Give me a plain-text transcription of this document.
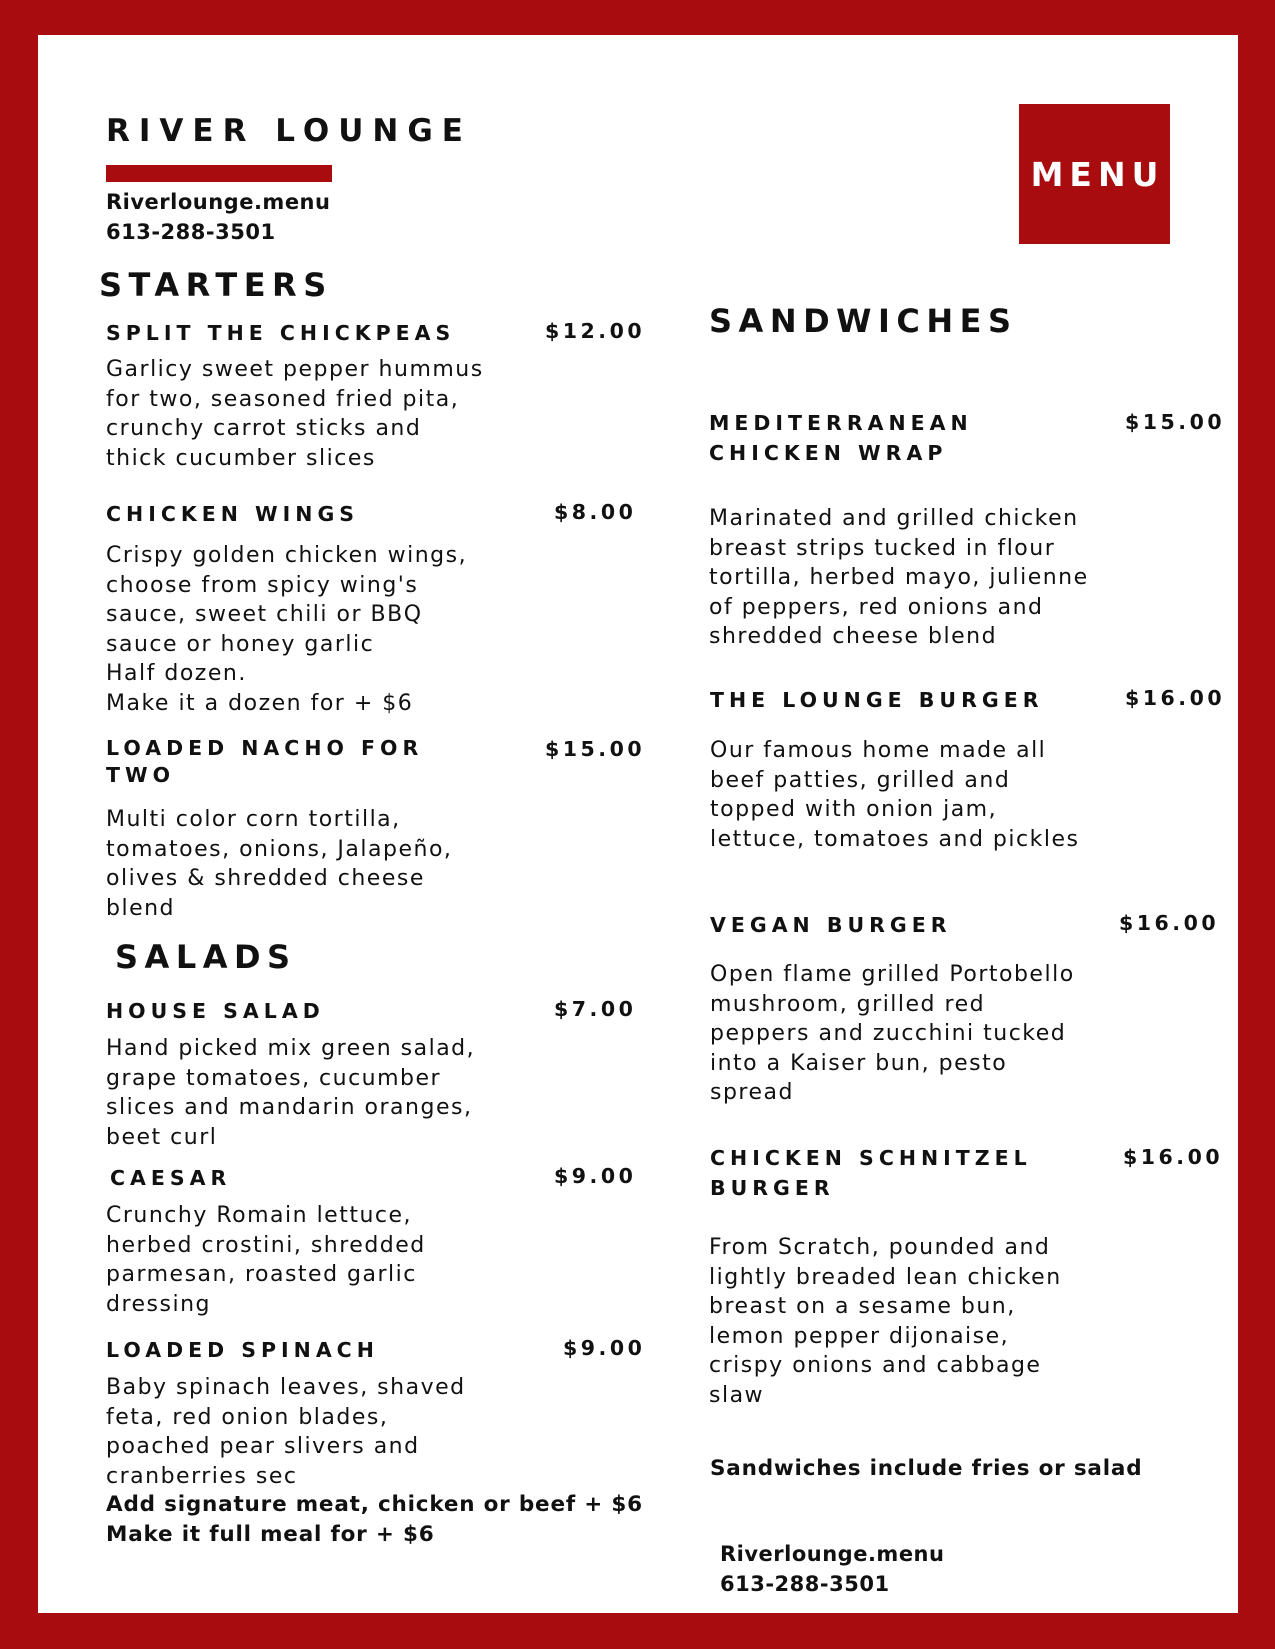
RIVER LOUNGE
Riverlounge.menu
613-288-3501
MENU
STARTERS
SPLIT THE CHICKPEAS	$12.00
Garlicy sweet pepper hummus
for two, seasoned fried pita,
crunchy carrot sticks and
thick cucumber slices
CHICKEN WINGS	$8.00
Crispy golden chicken wings,
choose from spicy wing's
sauce, sweet chili or BBQ
sauce or honey garlic
Half dozen.
Make it a dozen for + $6
LOADED NACHO FOR TWO
$15.00
Multi color corn tortilla,
tomatoes, onions, Jalapeño,
olives & shredded cheese
blend
SALADS
HOUSE SALAD	$7.00
Hand picked mix green salad,
grape tomatoes, cucumber
slices and mandarin oranges,
beet curl
CAESAR	$9.00
Crunchy Romain lettuce,
herbed crostini, shredded
parmesan, roasted garlic
dressing
LOADED SPINACH	$9.00
Baby spinach leaves, shaved
feta, red onion blades,
poached pear slivers and
cranberries sec
Add signature meat, chicken or beef + $6
Make it full meal for + $6
SANDWICHES
MEDITERRANEAN CHICKEN WRAP
$15.00
Marinated and grilled chicken
breast strips tucked in flour
tortilla, herbed mayo, julienne
of peppers, red onions and
shredded cheese blend
THE LOUNGE BURGER	$16.00
Our famous home made all
beef patties, grilled and
topped with onion jam,
lettuce, tomatoes and pickles
VEGAN BURGER	$16.00
Open flame grilled Portobello
mushroom, grilled red
peppers and zucchini tucked
into a Kaiser bun, pesto
spread
CHICKEN SCHNITZEL BURGER
$16.00
From Scratch, pounded and
lightly breaded lean chicken
breast on a sesame bun,
lemon pepper dijonaise,
crispy onions and cabbage
slaw
Sandwiches include fries or salad
Riverlounge.menu
613-288-3501
